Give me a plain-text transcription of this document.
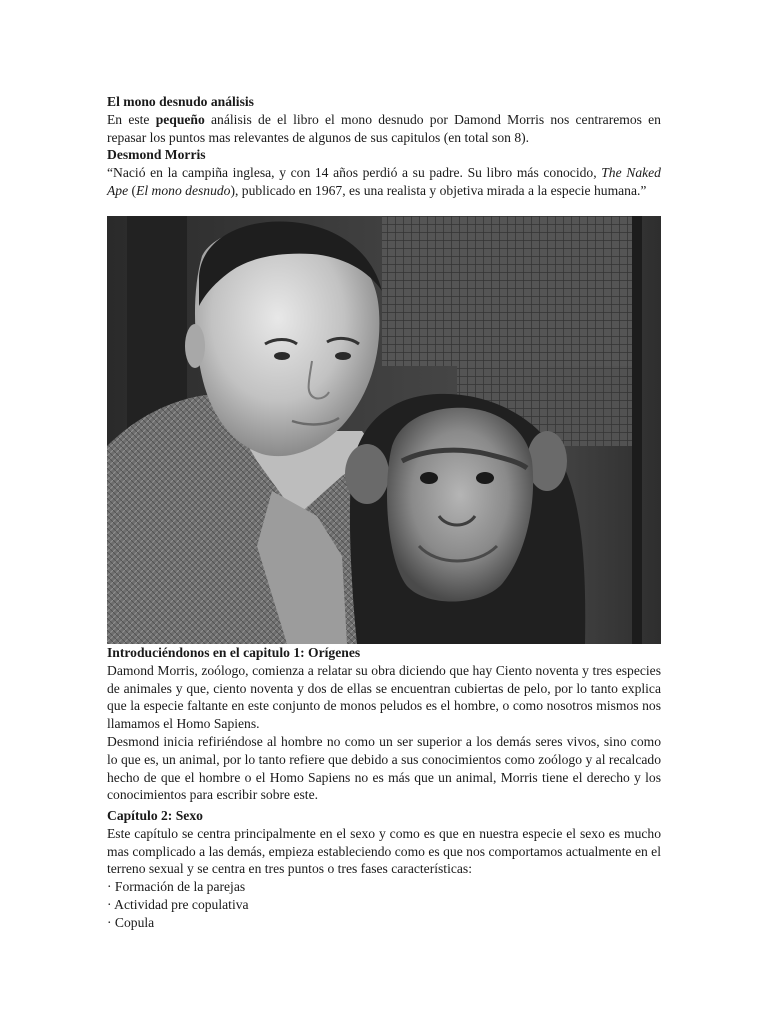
El mono desnudo análisis

En este pequeño análisis de el libro el mono desnudo por Damond Morris nos centraremos en repasar los puntos mas relevantes de algunos de sus capitulos (en total son 8).

Desmond Morris

“Nació en la campiña inglesa, y con 14 años perdió a su padre. Su libro más conocido, The Naked Ape (El mono desnudo), publicado en 1967, es una realista y objetiva mirada a la especie humana.”

Introduciéndonos en el capitulo 1: Orígenes

Damond Morris, zoólogo, comienza a relatar su obra diciendo que hay Ciento noventa y tres especies de animales y que, ciento noventa y dos de ellas se encuentran cubiertas de pelo, por lo tanto explica que la especie faltante en este conjunto de monos peludos es el hombre, o como nosotros mismos nos llamamos el Homo Sapiens.

Desmond inicia refiriéndose al hombre no como un ser superior a los demás seres vivos, sino como lo que es, un animal, por lo tanto refiere que debido a sus conocimientos como zoólogo y al recalcado hecho de que el hombre o el Homo Sapiens no es más que un animal, Morris tiene el derecho y los conocimientos para escribir sobre este.

Capítulo 2: Sexo

Este capítulo se centra principalmente en el sexo y como es que en nuestra especie el sexo es mucho mas complicado a las demás, empieza estableciendo como es que nos comportamos actualmente en el terreno sexual y se centra en tres puntos o tres fases características:

· Formación de la parejas
· Actividad pre copulativa
· Copula
